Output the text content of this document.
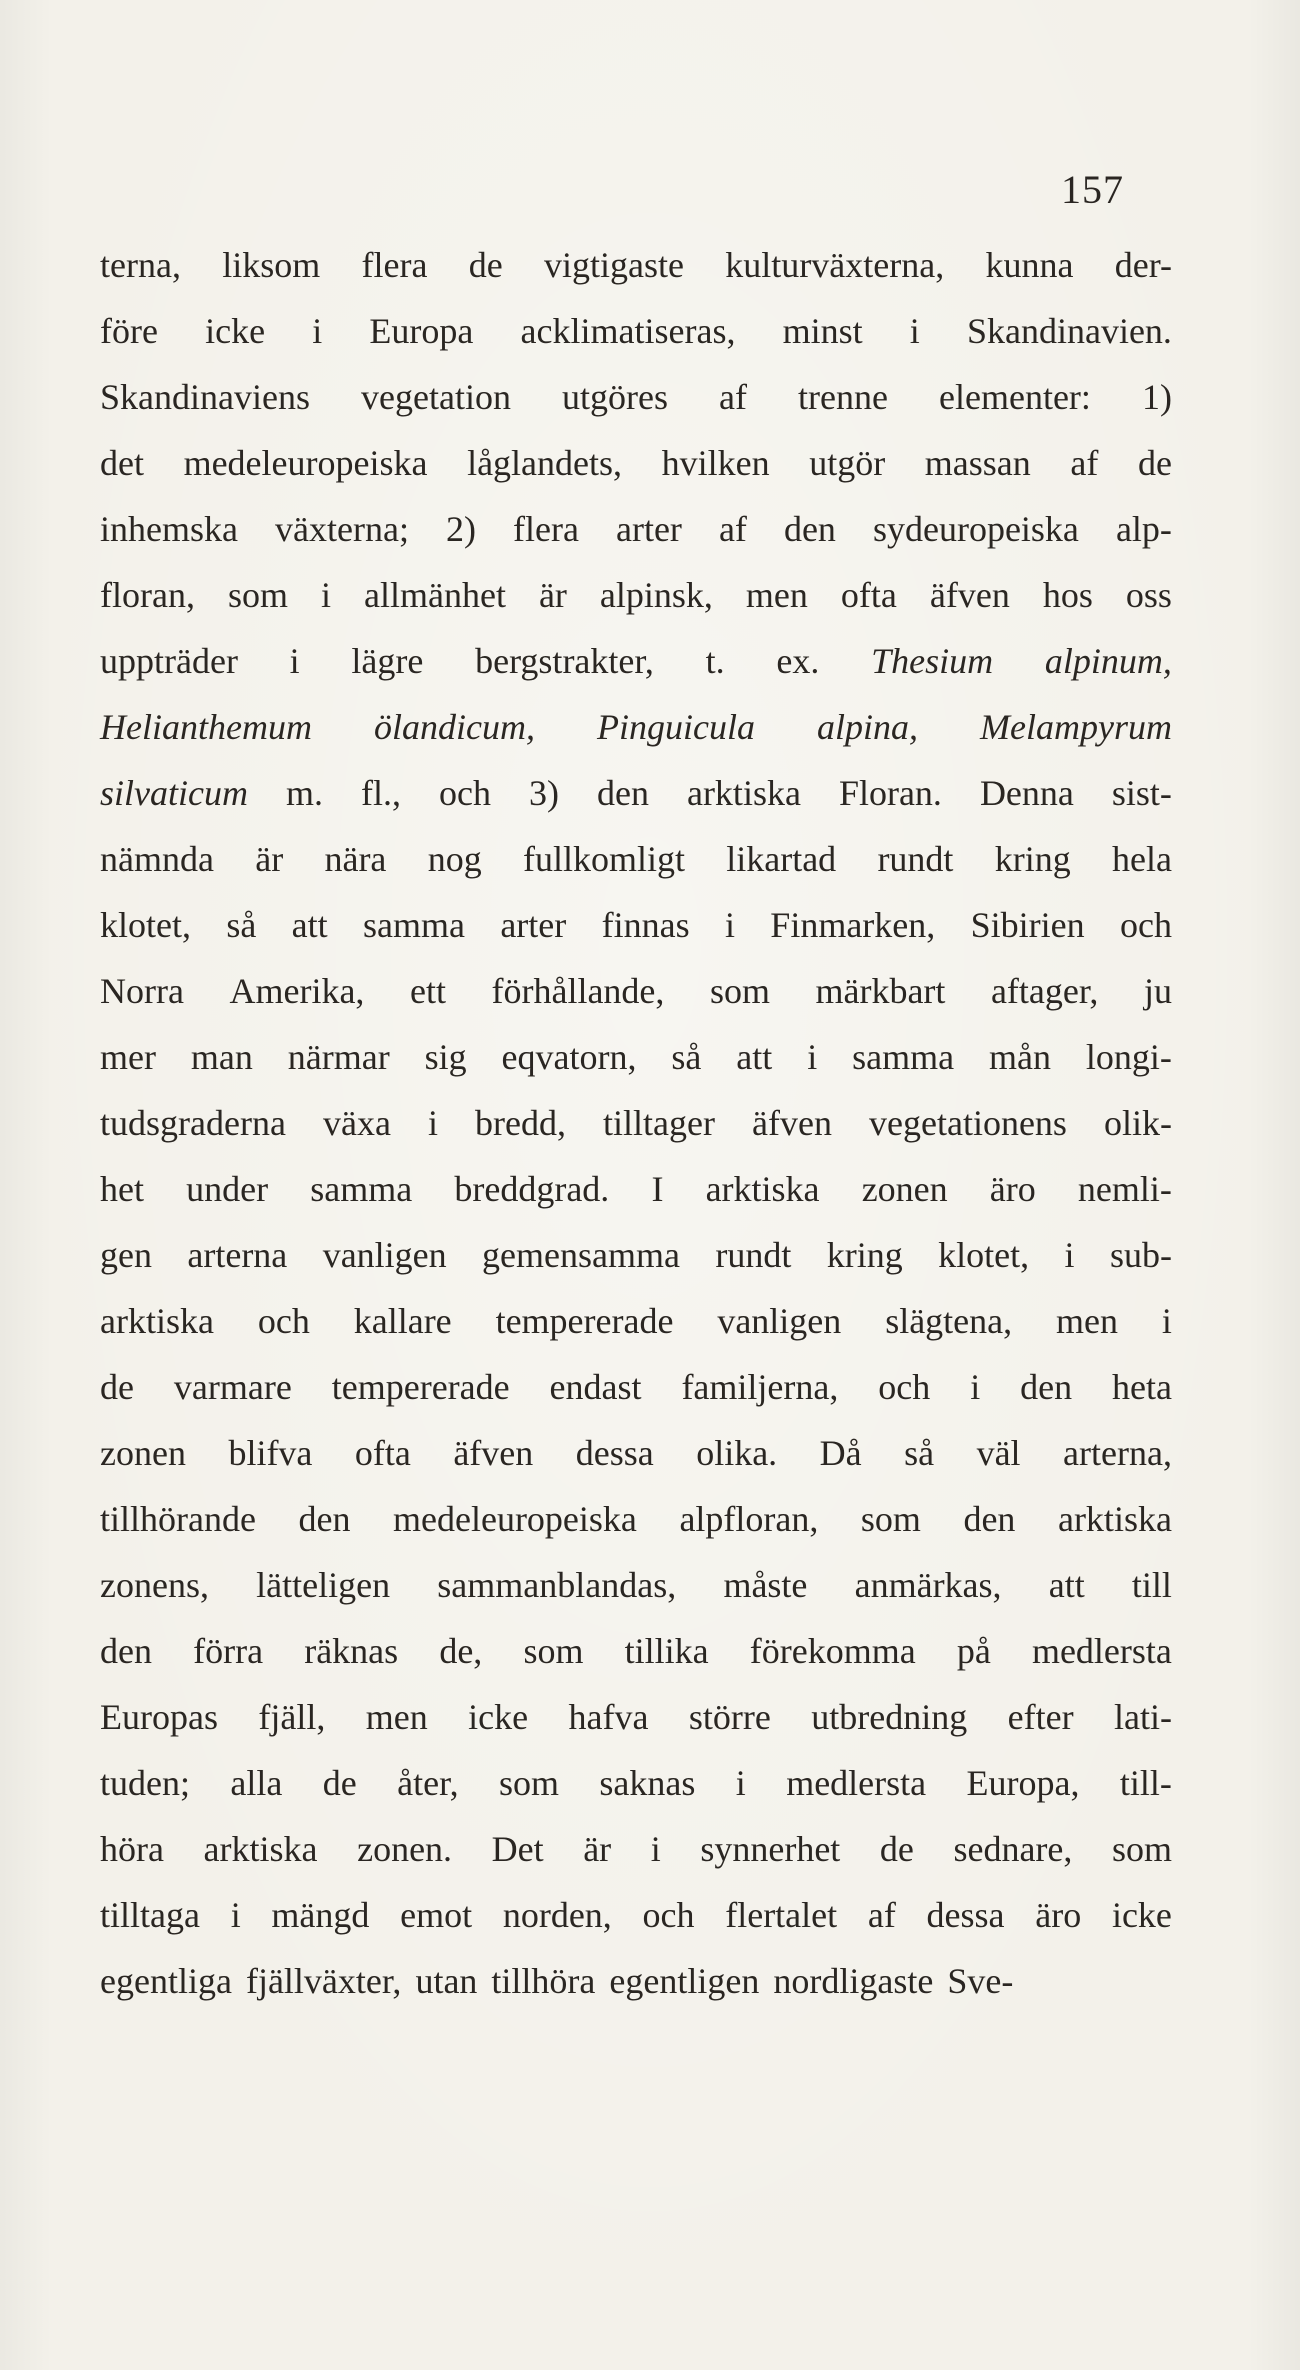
157
terna, liksom flera de vigtigaste kulturväxterna, kunna der-
före icke i Europa acklimatiseras, minst i Skandinavien.
Skandinaviens vegetation utgöres af trenne elementer: 1)
det medeleuropeiska låglandets, hvilken utgör massan af de
inhemska växterna; 2) flera arter af den sydeuropeiska alp-
floran, som i allmänhet är alpinsk, men ofta äfven hos oss
uppträder i lägre bergstrakter, t. ex. Thesium alpinum,
Helianthemum ölandicum, Pinguicula alpina, Melampyrum
silvaticum m. fl., och 3) den arktiska Floran. Denna sist-
nämnda är nära nog fullkomligt likartad rundt kring hela
klotet, så att samma arter finnas i Finmarken, Sibirien och
Norra Amerika, ett förhållande, som märkbart aftager, ju
mer man närmar sig eqvatorn, så att i samma mån longi-
tudsgraderna växa i bredd, tilltager äfven vegetationens olik-
het under samma breddgrad. I arktiska zonen äro nemli-
gen arterna vanligen gemensamma rundt kring klotet, i sub-
arktiska och kallare tempererade vanligen slägtena, men i
de varmare tempererade endast familjerna, och i den heta
zonen blifva ofta äfven dessa olika. Då så väl arterna,
tillhörande den medeleuropeiska alpfloran, som den arktiska
zonens, lätteligen sammanblandas, måste anmärkas, att till
den förra räknas de, som tillika förekomma på medlersta
Europas fjäll, men icke hafva större utbredning efter lati-
tuden; alla de åter, som saknas i medlersta Europa, till-
höra arktiska zonen. Det är i synnerhet de sednare, som
tilltaga i mängd emot norden, och flertalet af dessa äro icke
egentliga fjällväxter, utan tillhöra egentligen nordligaste Sve-
